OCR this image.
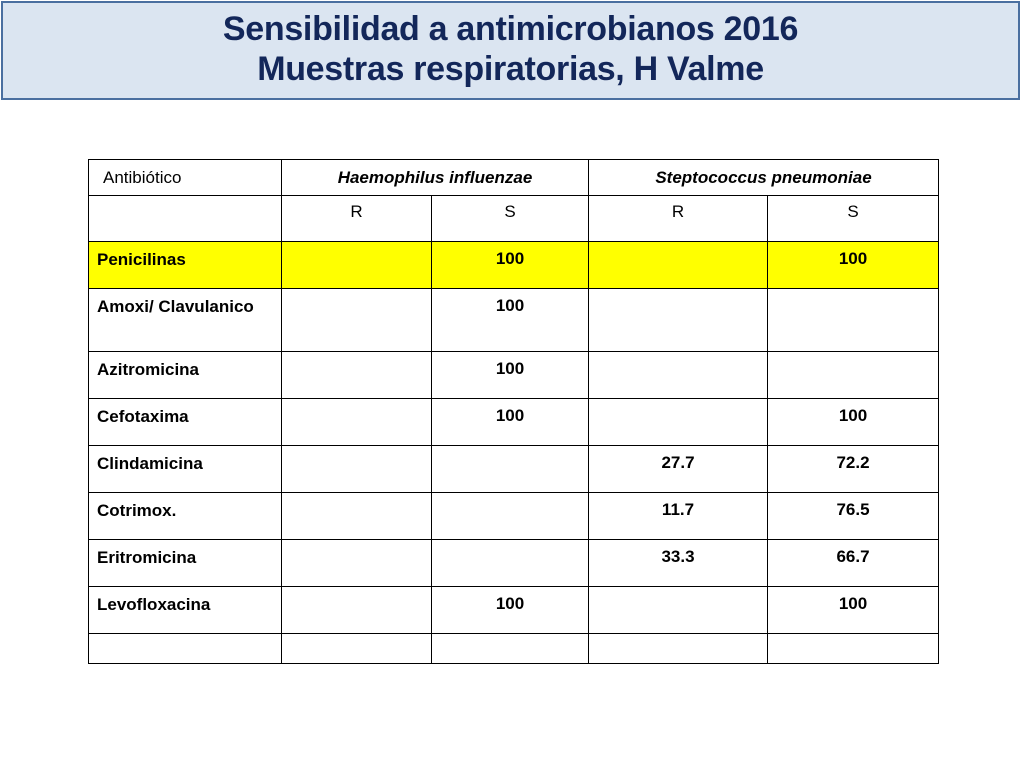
Sensibilidad a antimicrobianos 2016
Muestras respiratorias, H Valme
Antibiótico	Haemophilus influenzae		Steptococcus pneumoniae	
	R	S	R	S
Penicilinas		100		100
Amoxi/ Clavulanico		100		
Azitromicina		100		
Cefotaxima		100		100
Clindamicina			27.7	72.2
Cotrimox.			11.7	76.5
Eritromicina			33.3	66.7
Levofloxacina		100		100
